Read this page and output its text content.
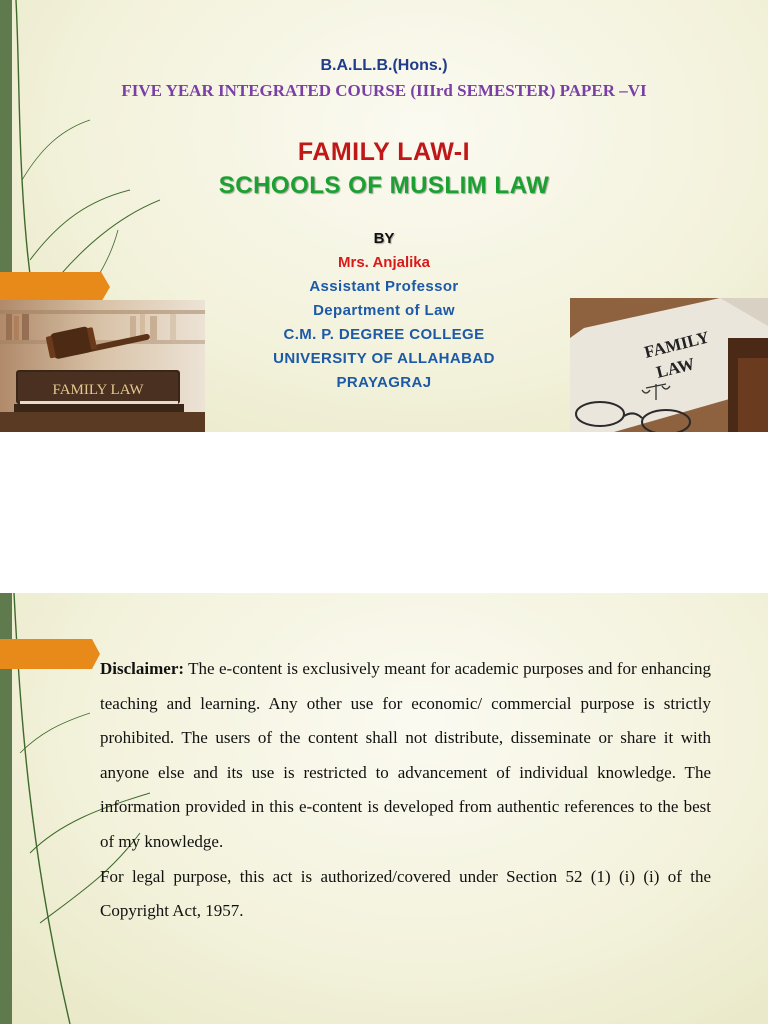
B.A.LL.B.(Hons.)
FIVE YEAR INTEGRATED COURSE (IIIrd SEMESTER) PAPER –VI
FAMILY LAW-I
SCHOOLS OF MUSLIM LAW
BY
Mrs. Anjalika
Assistant Professor
Department of Law
C.M. P. DEGREE COLLEGE
UNIVERSITY OF ALLAHABAD
PRAYAGRAJ
FAMILY LAW
FAMILY
LAW

Disclaimer: The e-content is exclusively meant for academic purposes and for enhancing teaching and learning. Any other use for economic/ commercial purpose is strictly prohibited. The users of the content shall not distribute, disseminate or share it with anyone else and its use is restricted to advancement of individual knowledge. The information provided in this e-content is developed from authentic references to the best of my knowledge.

For legal purpose, this act is authorized/covered under Section 52 (1) (i) (i) of the Copyright Act, 1957.
